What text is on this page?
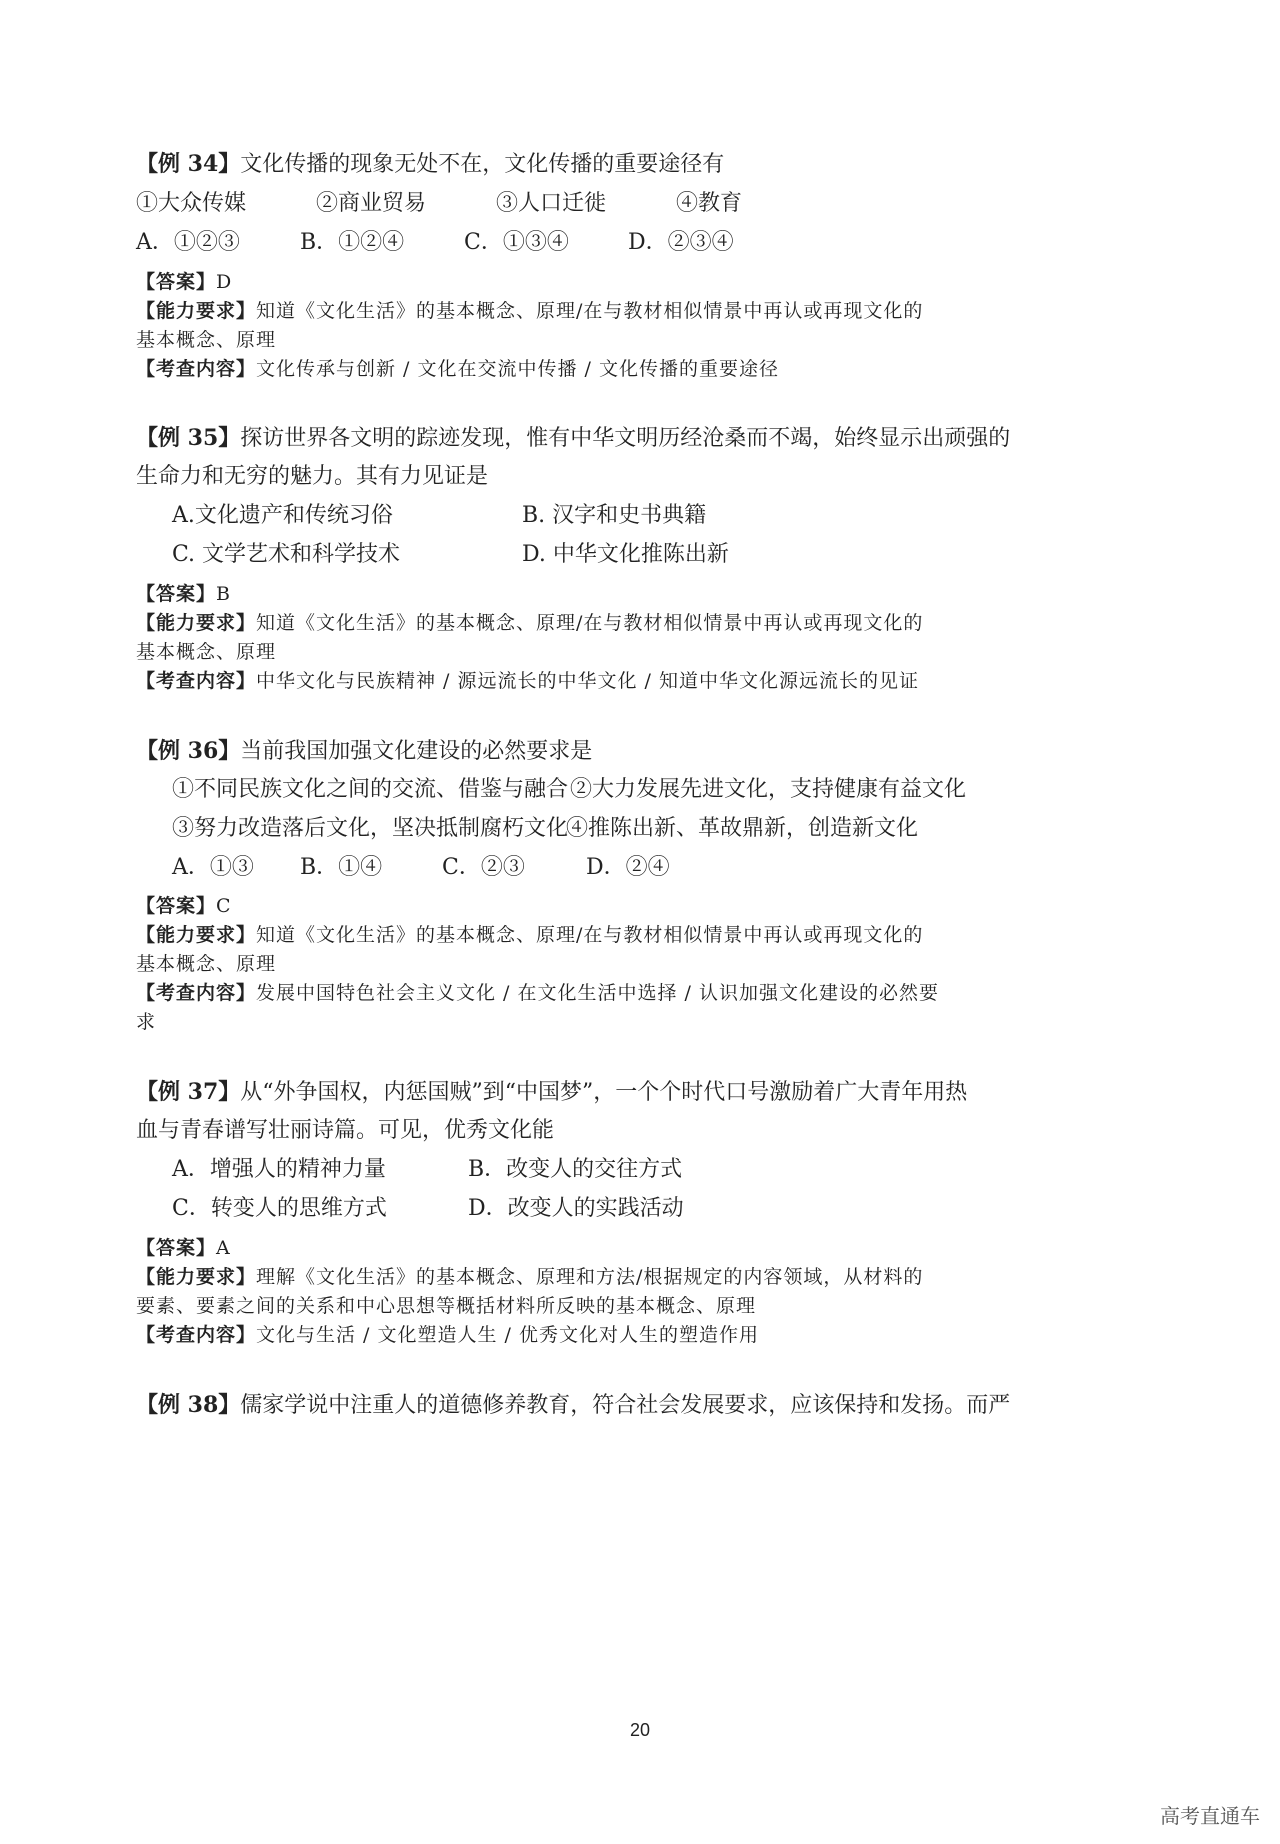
【例 34】文化传播的现象无处不在，文化传播的重要途径有
①大众传媒	②商业贸易	③人口迁徙	④教育
A．①②③	B．①②④	C．①③④	D．②③④
【答案】D
【能力要求】知道《文化生活》的基本概念、原理/在与教材相似情景中再认或再现文化的
基本概念、原理
【考查内容】文化传承与创新 / 文化在交流中传播 / 文化传播的重要途径
【例 35】探访世界各文明的踪迹发现，惟有中华文明历经沧桑而不竭，始终显示出顽强的
生命力和无穷的魅力。其有力见证是
A.文化遗产和传统习俗	B. 汉字和史书典籍
C. 文学艺术和科学技术	D. 中华文化推陈出新
【答案】B
【能力要求】知道《文化生活》的基本概念、原理/在与教材相似情景中再认或再现文化的
基本概念、原理
【考查内容】中华文化与民族精神 / 源远流长的中华文化 / 知道中华文化源远流长的见证
【例 36】当前我国加强文化建设的必然要求是
①不同民族文化之间的交流、借鉴与融合 ②大力发展先进文化，支持健康有益文化
③努力改造落后文化，坚决抵制腐朽文化
④推陈出新、革故鼎新，创造新文化
A．①③ B．①④	C．②③	D．②④
【答案】C
【能力要求】知道《文化生活》的基本概念、原理/在与教材相似情景中再认或再现文化的
基本概念、原理
【考查内容】发展中国特色社会主义文化 / 在文化生活中选择 / 认识加强文化建设的必然要
求
【例 37】从“外争国权，内惩国贼”到“中国梦”，一个个时代口号激励着广大青年用热
血与青春谱写壮丽诗篇。可见，优秀文化能
A．增强人的精神力量	B．改变人的交往方式
C．转变人的思维方式	D．改变人的实践活动
【答案】A
【能力要求】理解《文化生活》的基本概念、原理和方法/根据规定的内容领域，从材料的
要素、要素之间的关系和中心思想等概括材料所反映的基本概念、原理
【考查内容】文化与生活 / 文化塑造人生 / 优秀文化对人生的塑造作用
【例 38】儒家学说中注重人的道德修养教育，符合社会发展要求，应该保持和发扬。而严
20
高考直通车
